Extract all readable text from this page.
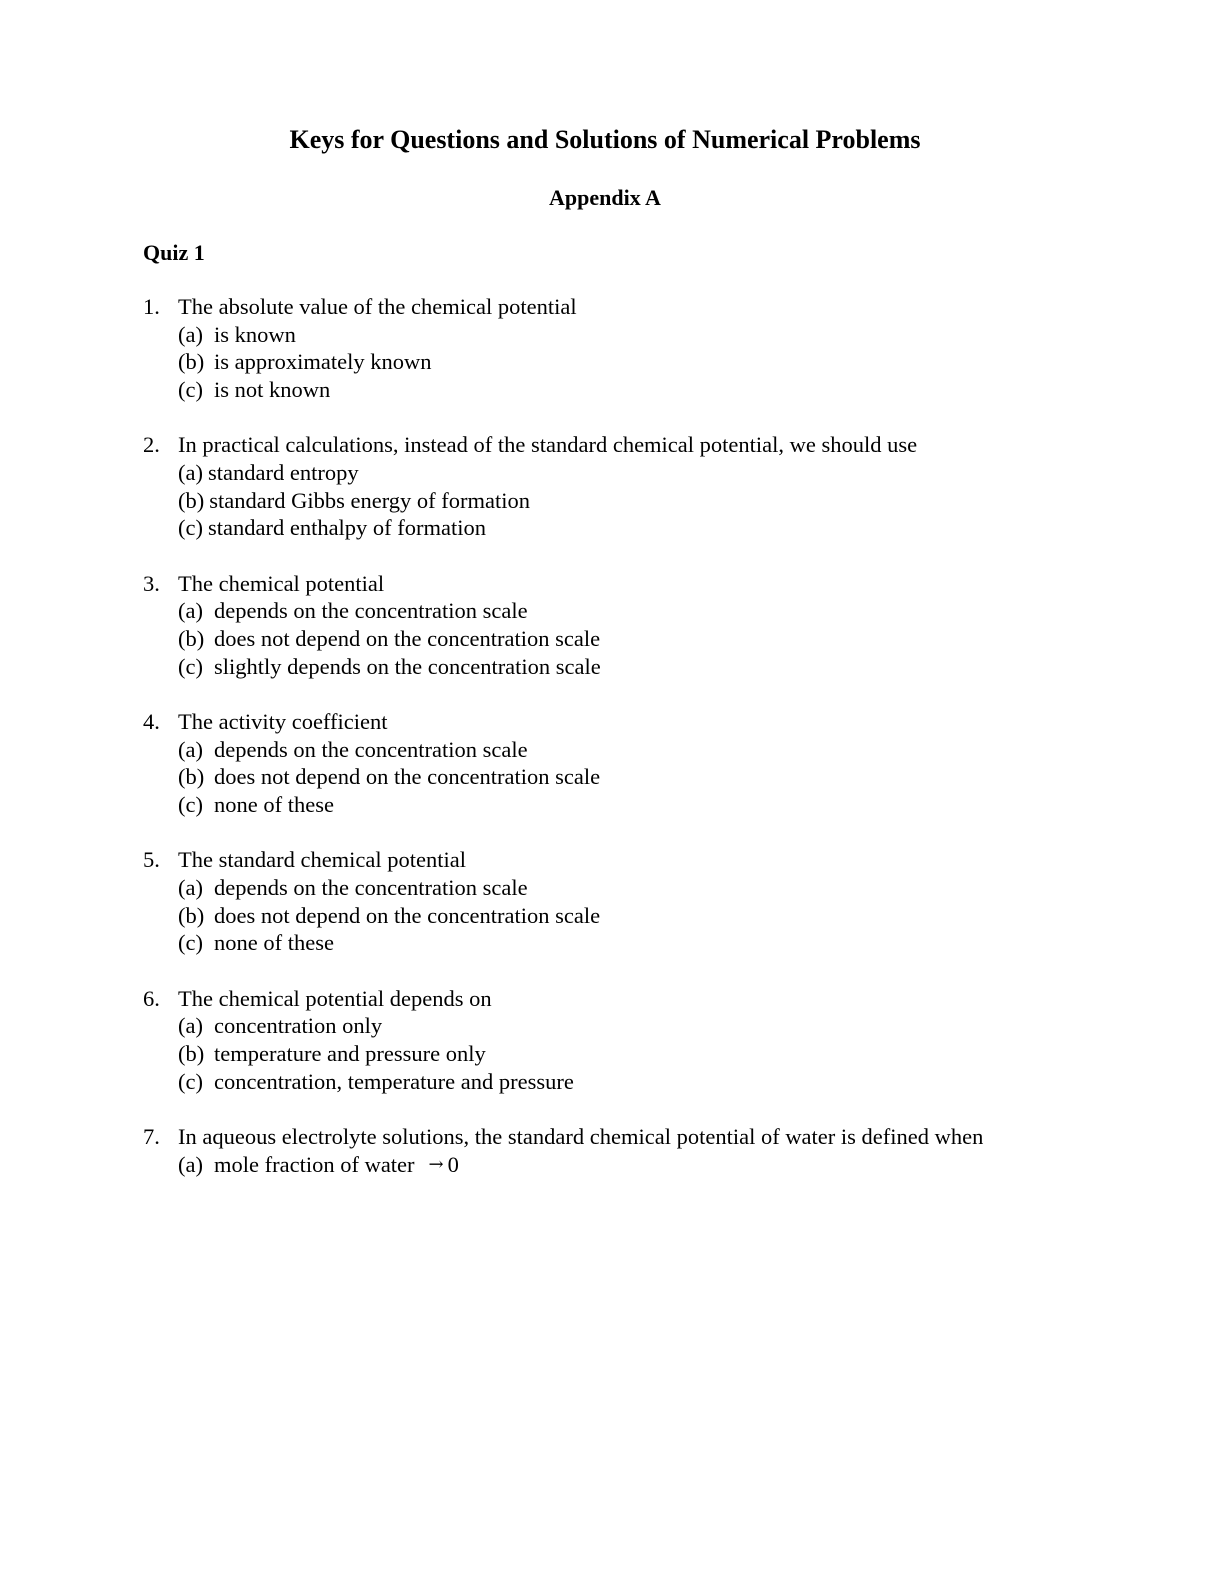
Keys for Questions and Solutions of Numerical Problems
Appendix A
Quiz 1
1. The absolute value of the chemical potential
(a) is known
(b) is approximately known
(c) is not known
2. In practical calculations, instead of the standard chemical potential, we should use
(a) standard entropy
(b) standard Gibbs energy of formation
(c) standard enthalpy of formation
3. The chemical potential
(a) depends on the concentration scale
(b) does not depend on the concentration scale
(c) slightly depends on the concentration scale
4. The activity coefficient
(a) depends on the concentration scale
(b) does not depend on the concentration scale
(c) none of these
5. The standard chemical potential
(a) depends on the concentration scale
(b) does not depend on the concentration scale
(c) none of these
6. The chemical potential depends on
(a) concentration only
(b) temperature and pressure only
(c) concentration, temperature and pressure
7. In aqueous electrolyte solutions, the standard chemical potential of water is defined when
(a) mole fraction of water → 0
